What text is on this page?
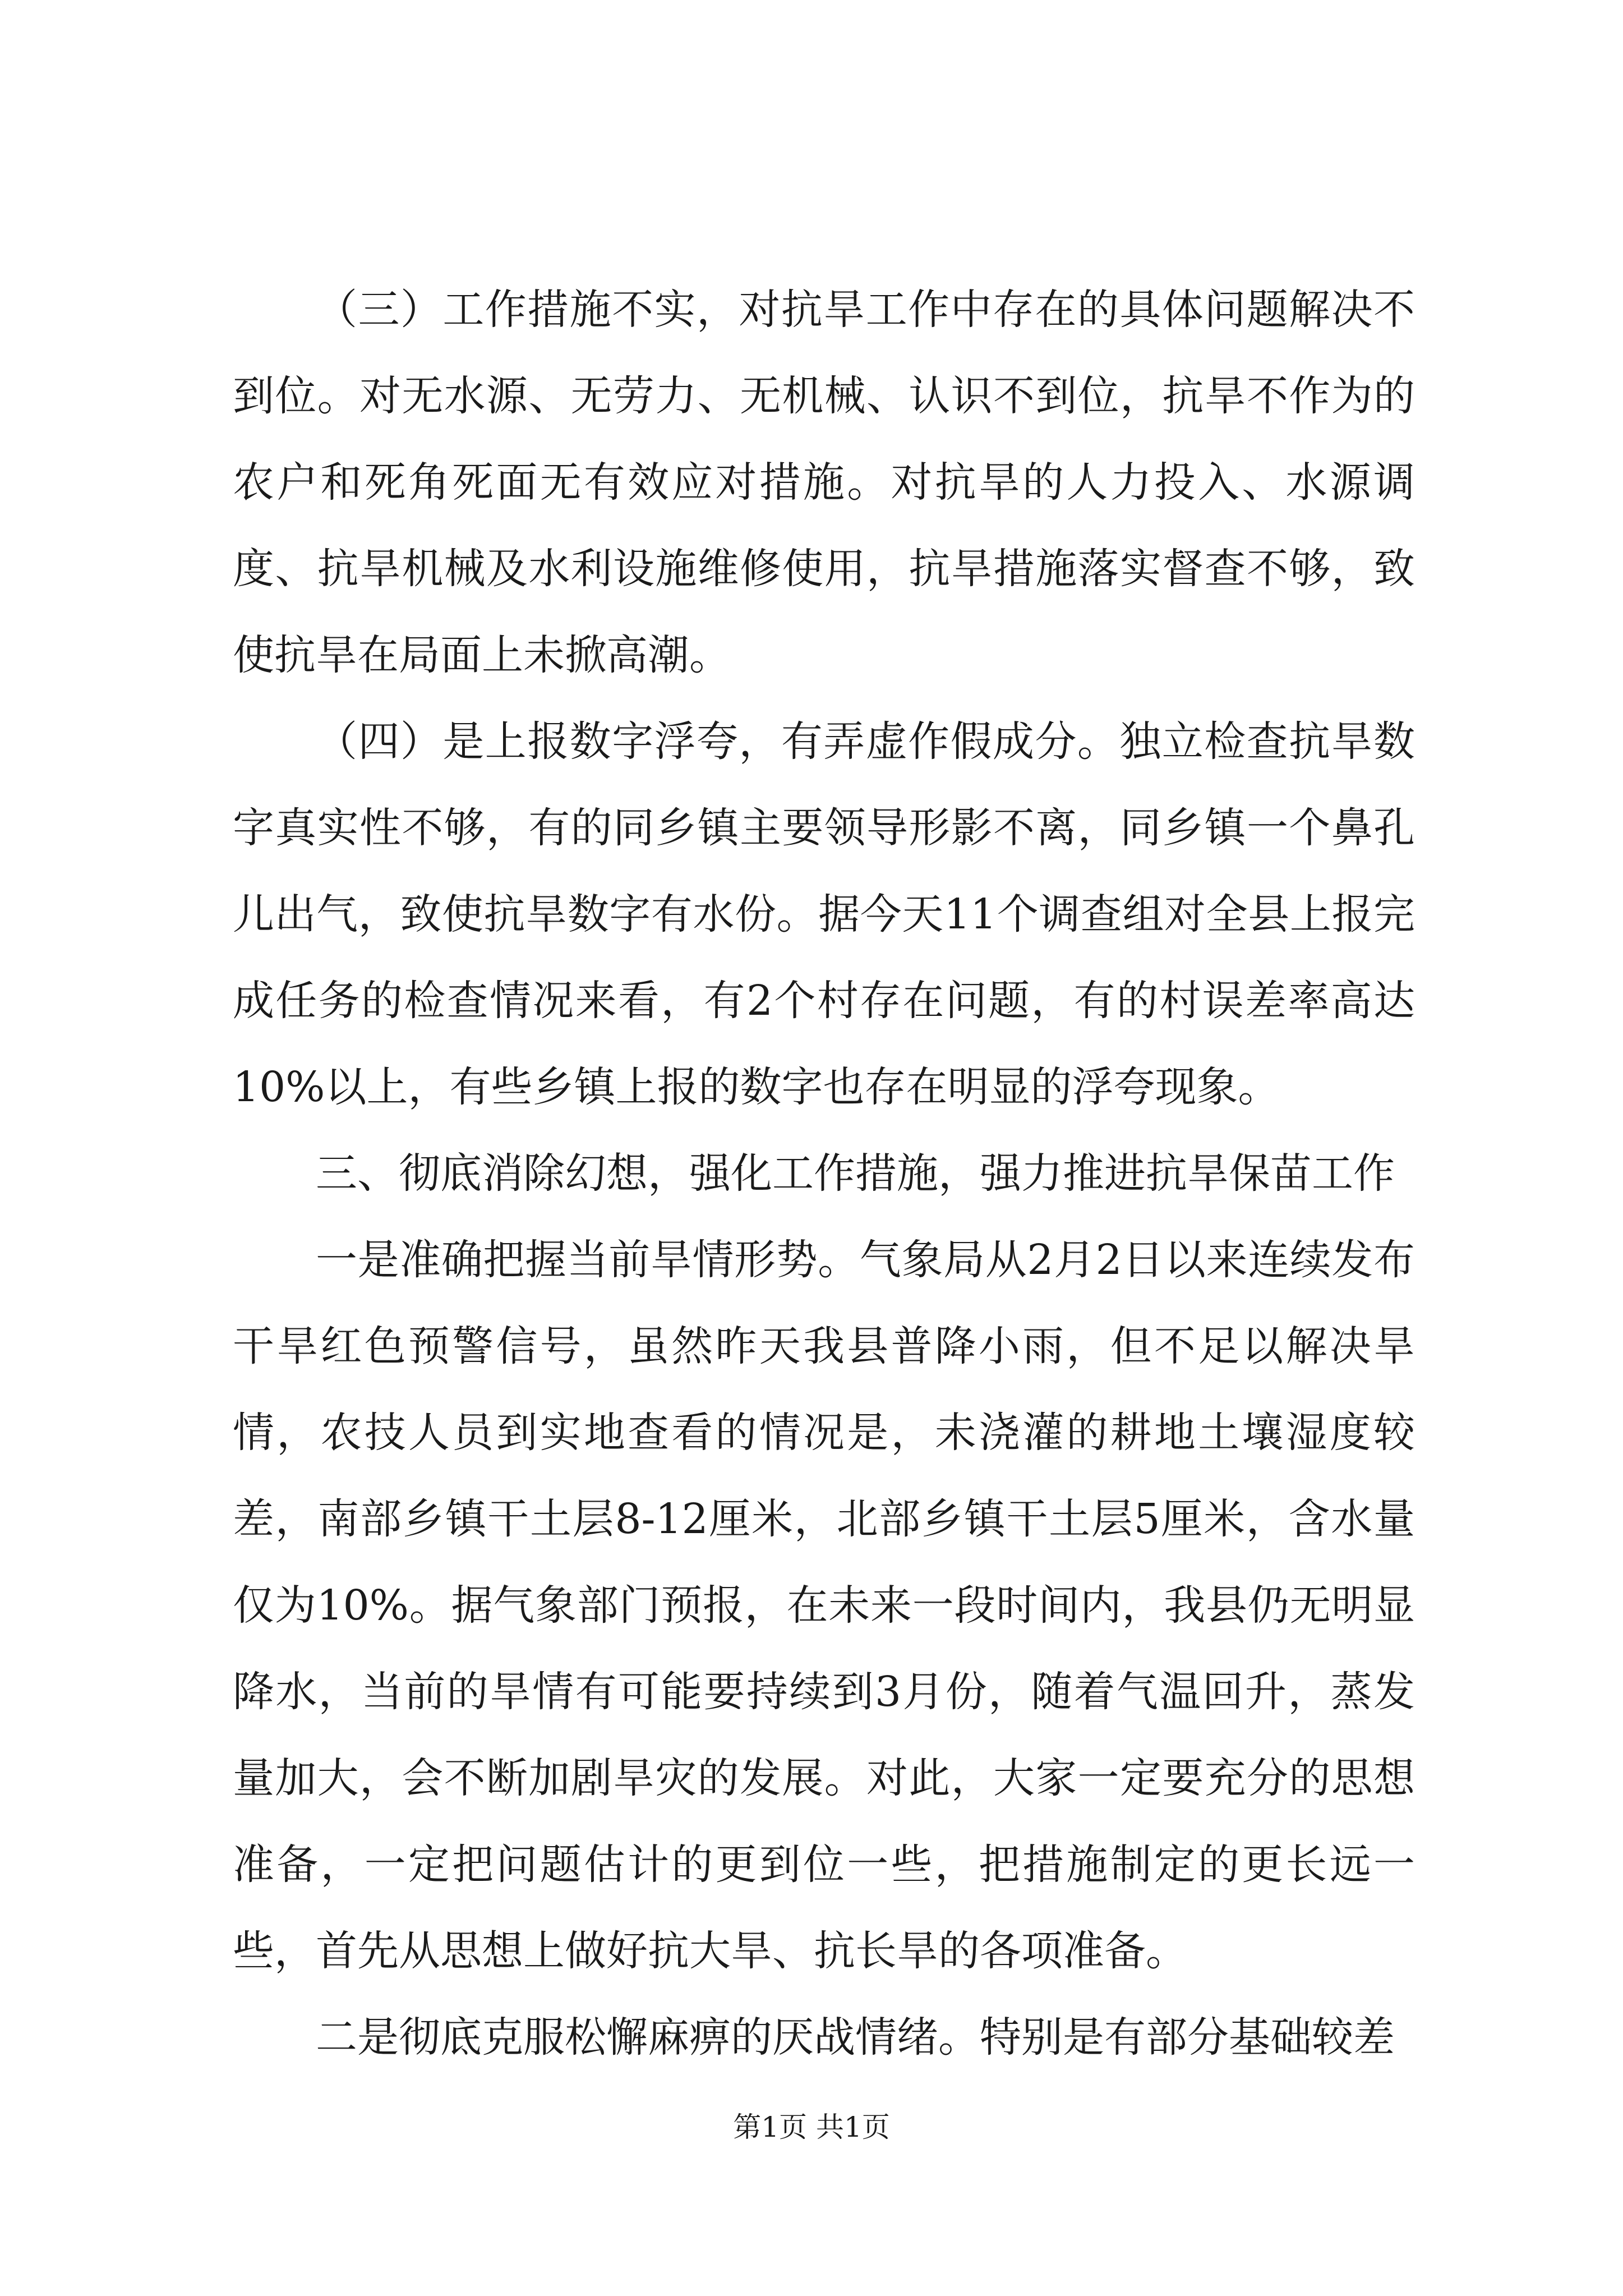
（三）工作措施不实，对抗旱工作中存在的具体问题解决不到位。对无水源、无劳力、无机械、认识不到位，抗旱不作为的农户和死角死面无有效应对措施。对抗旱的人力投入、水源调度、抗旱机械及水利设施维修使用，抗旱措施落实督查不够，致使抗旱在局面上未掀高潮。

（四）是上报数字浮夸，有弄虚作假成分。独立检查抗旱数字真实性不够，有的同乡镇主要领导形影不离，同乡镇一个鼻孔儿出气，致使抗旱数字有水份。据今天11个调查组对全县上报完成任务的检查情况来看，有2个村存在问题，有的村误差率高达10%以上，有些乡镇上报的数字也存在明显的浮夸现象。

三、彻底消除幻想，强化工作措施，强力推进抗旱保苗工作

一是准确把握当前旱情形势。气象局从2月2日以来连续发布干旱红色预警信号，虽然昨天我县普降小雨，但不足以解决旱情，农技人员到实地查看的情况是，未浇灌的耕地土壤湿度较差，南部乡镇干土层8-12厘米，北部乡镇干土层5厘米，含水量仅为10%。据气象部门预报，在未来一段时间内，我县仍无明显降水，当前的旱情有可能要持续到3月份，随着气温回升，蒸发量加大，会不断加剧旱灾的发展。对此，大家一定要充分的思想准备，一定把问题估计的更到位一些，把措施制定的更长远一些，首先从思想上做好抗大旱、抗长旱的各项准备。

二是彻底克服松懈麻痹的厌战情绪。特别是有部分基础较差

第1页 共1页
